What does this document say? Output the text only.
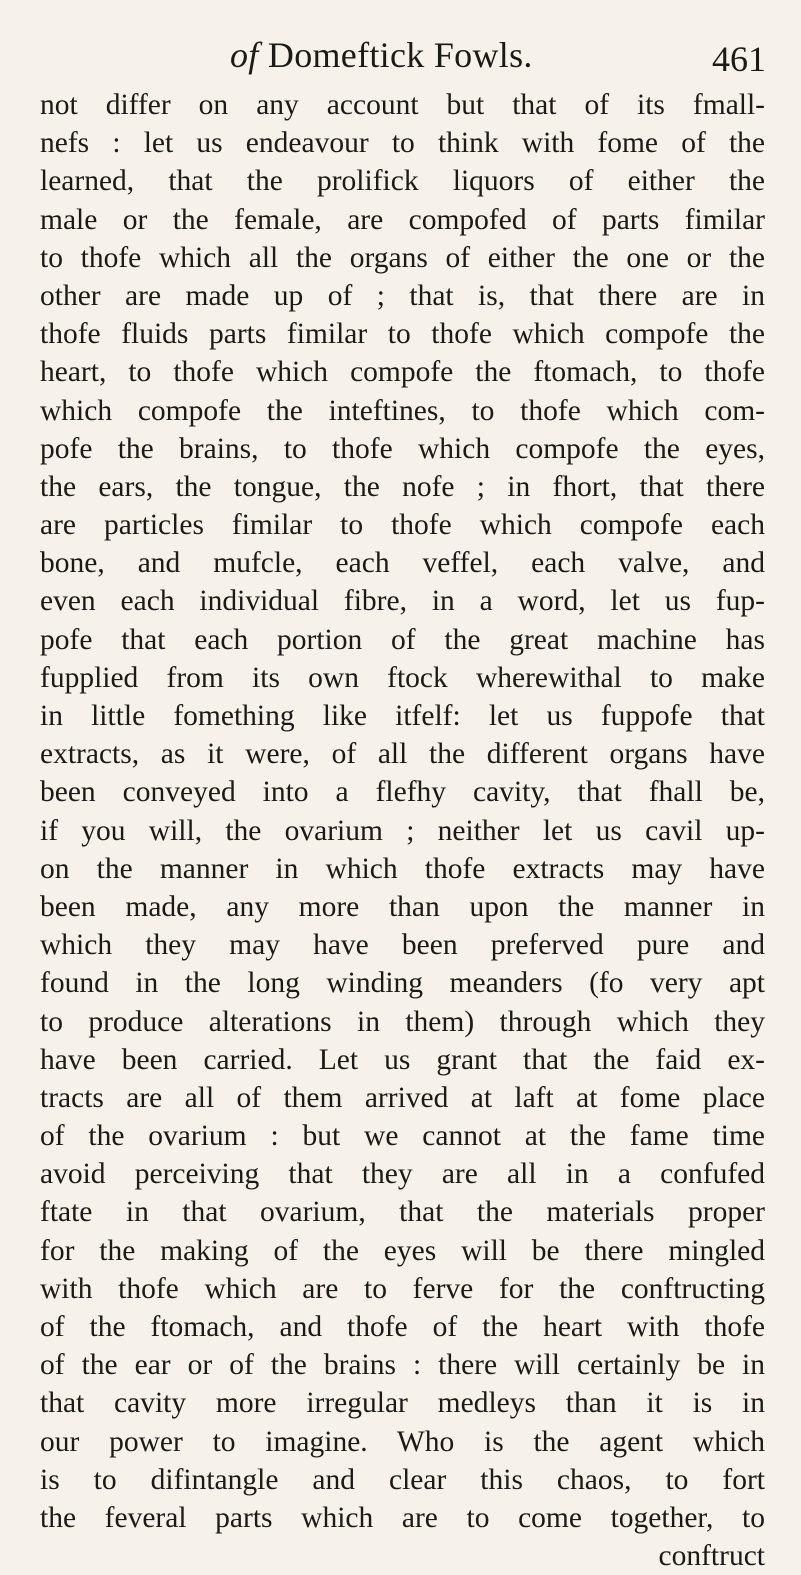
of Domeftick Fowls.	461
not differ on any account but that of its fmall-
nefs : let us endeavour to think with fome of the
learned, that the prolifick liquors of either the
male or the female, are compofed of parts fimilar
to thofe which all the organs of either the one or the
other are made up of ; that is, that there are in
thofe fluids parts fimilar to thofe which compofe the
heart, to thofe which compofe the ftomach, to thofe
which compofe the inteftines, to thofe which com-
pofe the brains, to thofe which compofe the eyes,
the ears, the tongue, the nofe ; in fhort, that there
are particles fimilar to thofe which compofe each
bone, and mufcle, each veffel, each valve, and
even each individual fibre, in a word, let us fup-
pofe that each portion of the great machine has
fupplied from its own ftock wherewithal to make
in little fomething like itfelf: let us fuppofe that
extracts, as it were, of all the different organs have
been conveyed into a flefhy cavity, that fhall be,
if you will, the ovarium ; neither let us cavil up-
on the manner in which thofe extracts may have
been made, any more than upon the manner in
which they may have been preferved pure and
found in the long winding meanders (fo very apt
to produce alterations in them) through which they
have been carried. Let us grant that the faid ex-
tracts are all of them arrived at laft at fome place
of the ovarium : but we cannot at the fame time
avoid perceiving that they are all in a confufed
ftate in that ovarium, that the materials proper
for the making of the eyes will be there mingled
with thofe which are to ferve for the conftructing
of the ftomach, and thofe of the heart with thofe
of the ear or of the brains : there will certainly be in
that cavity more irregular medleys than it is in
our power to imagine. Who is the agent which
is to difintangle and clear this chaos, to fort
the feveral parts which are to come together, to
conftruct
